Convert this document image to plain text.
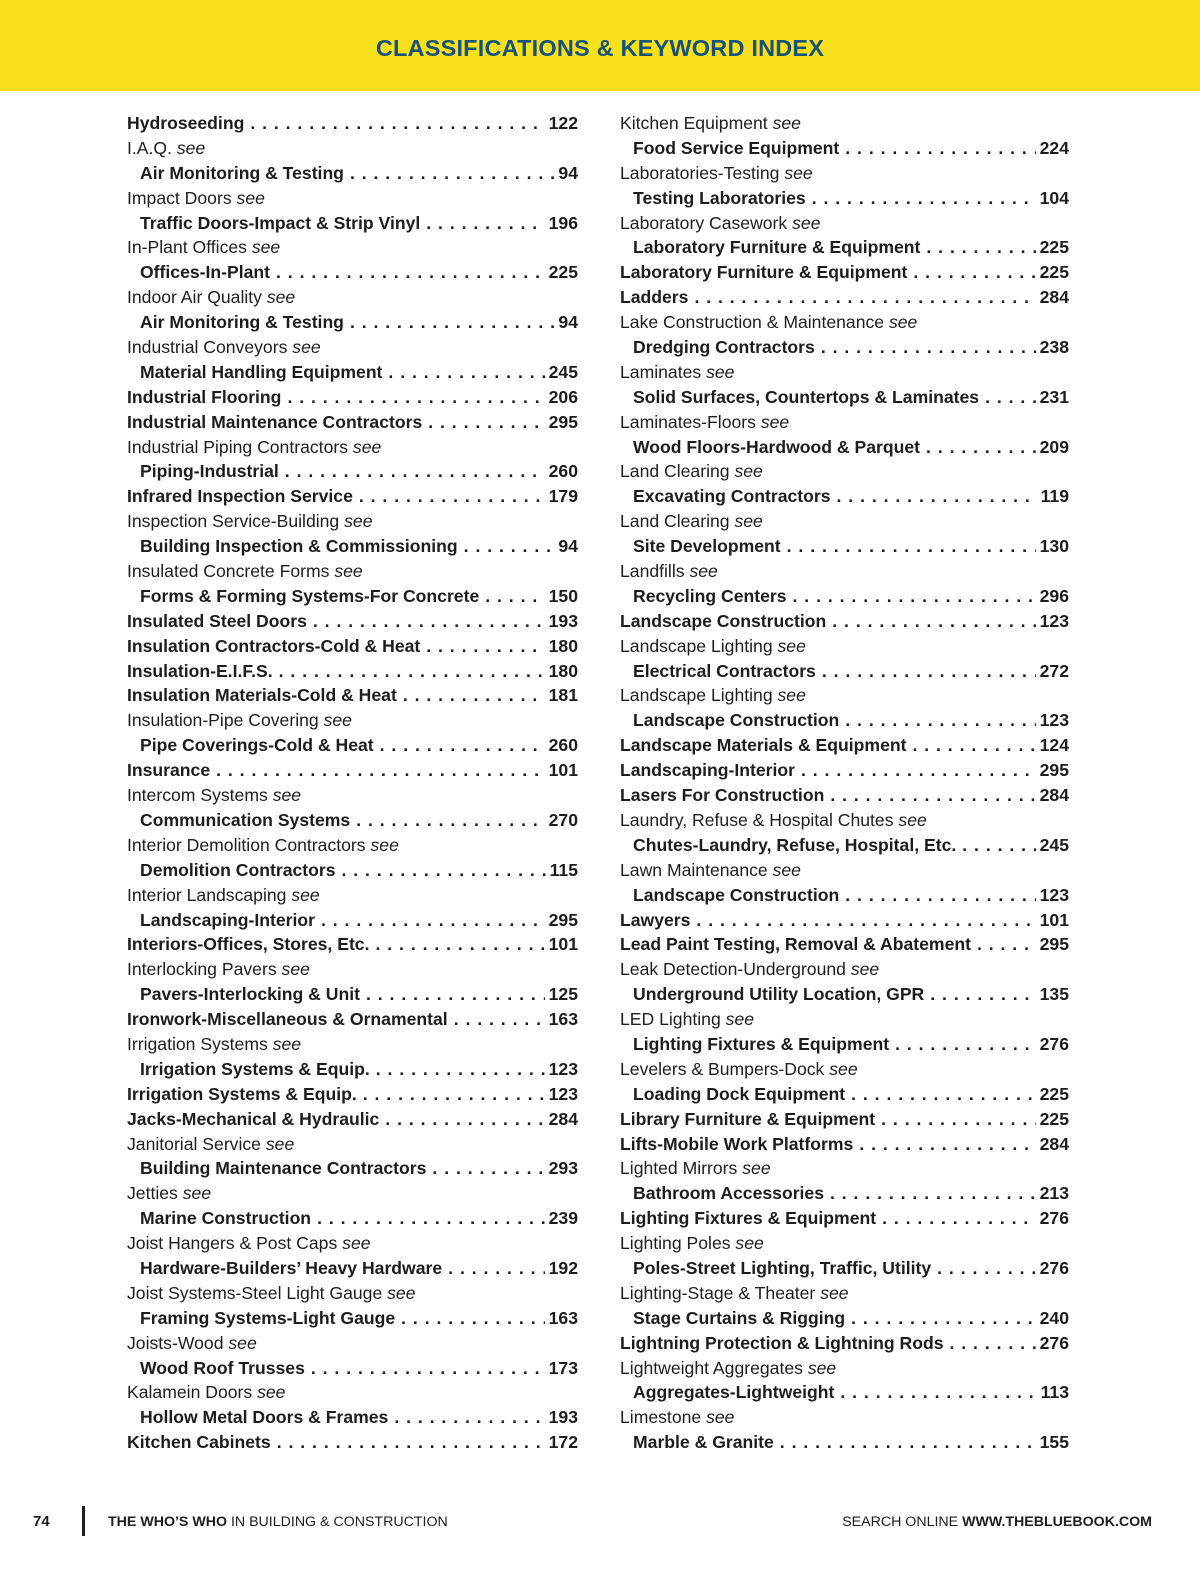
CLASSIFICATIONS & KEYWORD INDEX
Hydroseeding . . .	122
I.A.Q. see
Air Monitoring & Testing . . .	94
Impact Doors see
Traffic Doors-Impact & Strip Vinyl . . .	196
In-Plant Offices see
Offices-In-Plant . . .	225
Indoor Air Quality see
Air Monitoring & Testing . . .	94
Industrial Conveyors see
Material Handling Equipment . . .	245
Industrial Flooring . . .	206
Industrial Maintenance Contractors . . .	295
Industrial Piping Contractors see
Piping-Industrial . . .	260
Infrared Inspection Service . . .	179
Inspection Service-Building see
Building Inspection & Commissioning . . .	94
Insulated Concrete Forms see
Forms & Forming Systems-For Concrete . . .	150
Insulated Steel Doors . . .	193
Insulation Contractors-Cold & Heat . . .	180
Insulation-E.I.F.S. . . .	180
Insulation Materials-Cold & Heat . . .	181
Insulation-Pipe Covering see
Pipe Coverings-Cold & Heat . . .	260
Insurance . . .	101
Intercom Systems see
Communication Systems . . .	270
Interior Demolition Contractors see
Demolition Contractors . . .	115
Interior Landscaping see
Landscaping-Interior . . .	295
Interiors-Offices, Stores, Etc. . . .	101
Interlocking Pavers see
Pavers-Interlocking & Unit . . .	125
Ironwork-Miscellaneous & Ornamental . . .	163
Irrigation Systems see
Irrigation Systems & Equip. . . .	123
Irrigation Systems & Equip. . . .	123
Jacks-Mechanical & Hydraulic . . .	284
Janitorial Service see
Building Maintenance Contractors . . .	293
Jetties see
Marine Construction . . .	239
Joist Hangers & Post Caps see
Hardware-Builders’ Heavy Hardware . . .	192
Joist Systems-Steel Light Gauge see
Framing Systems-Light Gauge . . .	163
Joists-Wood see
Wood Roof Trusses . . .	173
Kalamein Doors see
Hollow Metal Doors & Frames . . .	193
Kitchen Cabinets . . .	172
Kitchen Equipment see
Food Service Equipment . . .	224
Laboratories-Testing see
Testing Laboratories . . .	104
Laboratory Casework see
Laboratory Furniture & Equipment . . .	225
Laboratory Furniture & Equipment . . .	225
Ladders . . .	284
Lake Construction & Maintenance see
Dredging Contractors . . .	238
Laminates see
Solid Surfaces, Countertops & Laminates . . .	231
Laminates-Floors see
Wood Floors-Hardwood & Parquet . . .	209
Land Clearing see
Excavating Contractors . . .	119
Land Clearing see
Site Development . . .	130
Landfills see
Recycling Centers . . .	296
Landscape Construction . . .	123
Landscape Lighting see
Electrical Contractors . . .	272
Landscape Lighting see
Landscape Construction . . .	123
Landscape Materials & Equipment . . .	124
Landscaping-Interior . . .	295
Lasers For Construction . . .	284
Laundry, Refuse & Hospital Chutes see
Chutes-Laundry, Refuse, Hospital, Etc. . . .	245
Lawn Maintenance see
Landscape Construction . . .	123
Lawyers . . .	101
Lead Paint Testing, Removal & Abatement . . .	295
Leak Detection-Underground see
Underground Utility Location, GPR . . .	135
LED Lighting see
Lighting Fixtures & Equipment . . .	276
Levelers & Bumpers-Dock see
Loading Dock Equipment . . .	225
Library Furniture & Equipment . . .	225
Lifts-Mobile Work Platforms . . .	284
Lighted Mirrors see
Bathroom Accessories . . .	213
Lighting Fixtures & Equipment . . .	276
Lighting Poles see
Poles-Street Lighting, Traffic, Utility . . .	276
Lighting-Stage & Theater see
Stage Curtains & Rigging . . .	240
Lightning Protection & Lightning Rods . . .	276
Lightweight Aggregates see
Aggregates-Lightweight . . .	113
Limestone see
Marble & Granite . . .	155
74	THE WHO’S WHO IN BUILDING & CONSTRUCTION	SEARCH ONLINE WWW.THEBLUEBOOK.COM
